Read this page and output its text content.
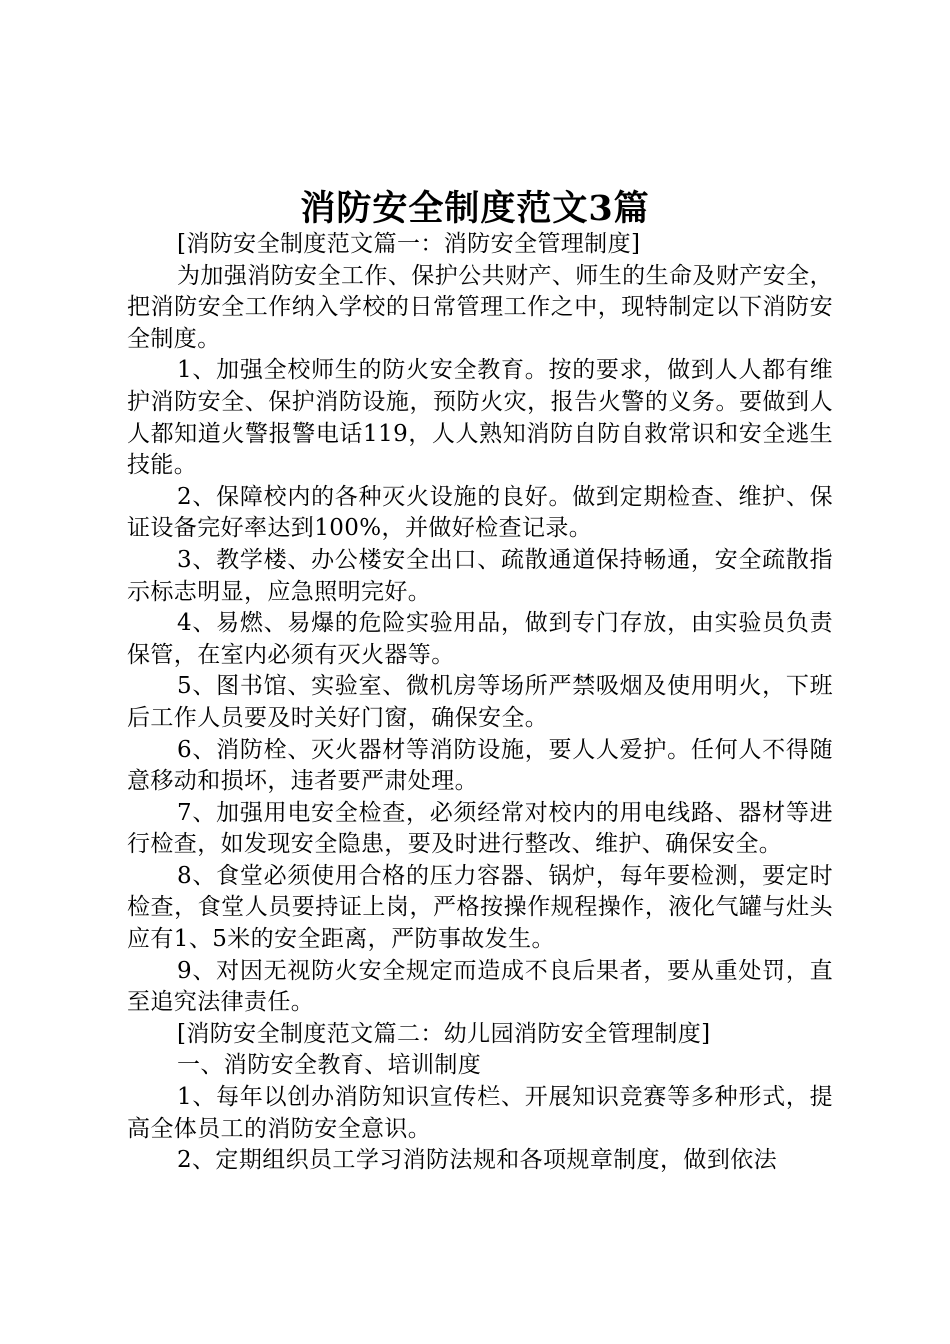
消防安全制度范文3篇

[消防安全制度范文篇一：消防安全管理制度]

为加强消防安全工作、保护公共财产、师生的生命及财产安全，把消防安全工作纳入学校的日常管理工作之中，现特制定以下消防安全制度。

1、加强全校师生的防火安全教育。按的要求，做到人人都有维护消防安全、保护消防设施，预防火灾，报告火警的义务。要做到人人都知道火警报警电话119，人人熟知消防自防自救常识和安全逃生技能。

2、保障校内的各种灭火设施的良好。做到定期检查、维护、保证设备完好率达到100%，并做好检查记录。

3、教学楼、办公楼安全出口、疏散通道保持畅通，安全疏散指示标志明显，应急照明完好。

4、易燃、易爆的危险实验用品，做到专门存放，由实验员负责保管，在室内必须有灭火器等。

5、图书馆、实验室、微机房等场所严禁吸烟及使用明火，下班后工作人员要及时关好门窗，确保安全。

6、消防栓、灭火器材等消防设施，要人人爱护。任何人不得随意移动和损坏，违者要严肃处理。

7、加强用电安全检查，必须经常对校内的用电线路、器材等进行检查，如发现安全隐患，要及时进行整改、维护、确保安全。

8、食堂必须使用合格的压力容器、锅炉，每年要检测，要定时检查，食堂人员要持证上岗，严格按操作规程操作，液化气罐与灶头应有1、5米的安全距离，严防事故发生。

9、对因无视防火安全规定而造成不良后果者，要从重处罚，直至追究法律责任。

[消防安全制度范文篇二：幼儿园消防安全管理制度]

一、消防安全教育、培训制度

1、每年以创办消防知识宣传栏、开展知识竞赛等多种形式，提高全体员工的消防安全意识。

2、定期组织员工学习消防法规和各项规章制度，做到依法
